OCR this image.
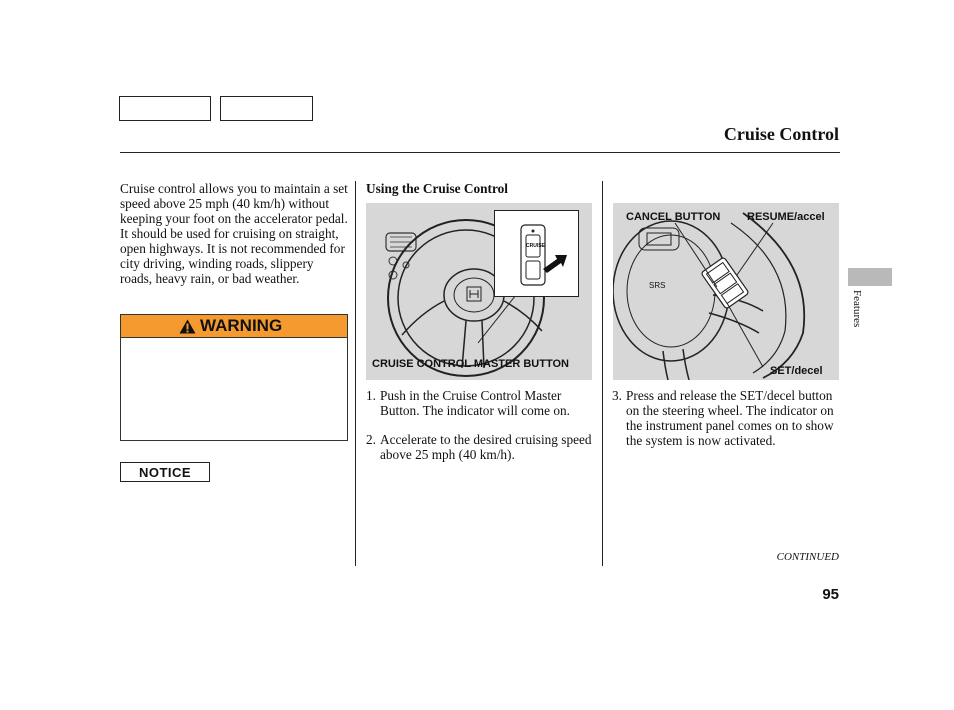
Cruise Control
Cruise control allows you to maintain a set speed above 25 mph (40 km/h) without keeping your foot on the accelerator pedal. It should be used for cruising on straight, open highways. It is not recommended for city driving, winding roads, slippery roads, heavy rain, or bad weather.
WARNING
NOTICE
Using the Cruise Control
CRUISE
CRUISE CONTROL MASTER BUTTON
1. Push in the Cruise Control Master Button. The indicator will come on.
2. Accelerate to the desired cruising speed above 25 mph (40 km/h).
CANCEL BUTTON RESUME/accel
SRS
SET/decel
3. Press and release the SET/decel button on the steering wheel. The indicator on the instrument panel comes on to show the system is now activated.
Features
CONTINUED
95
